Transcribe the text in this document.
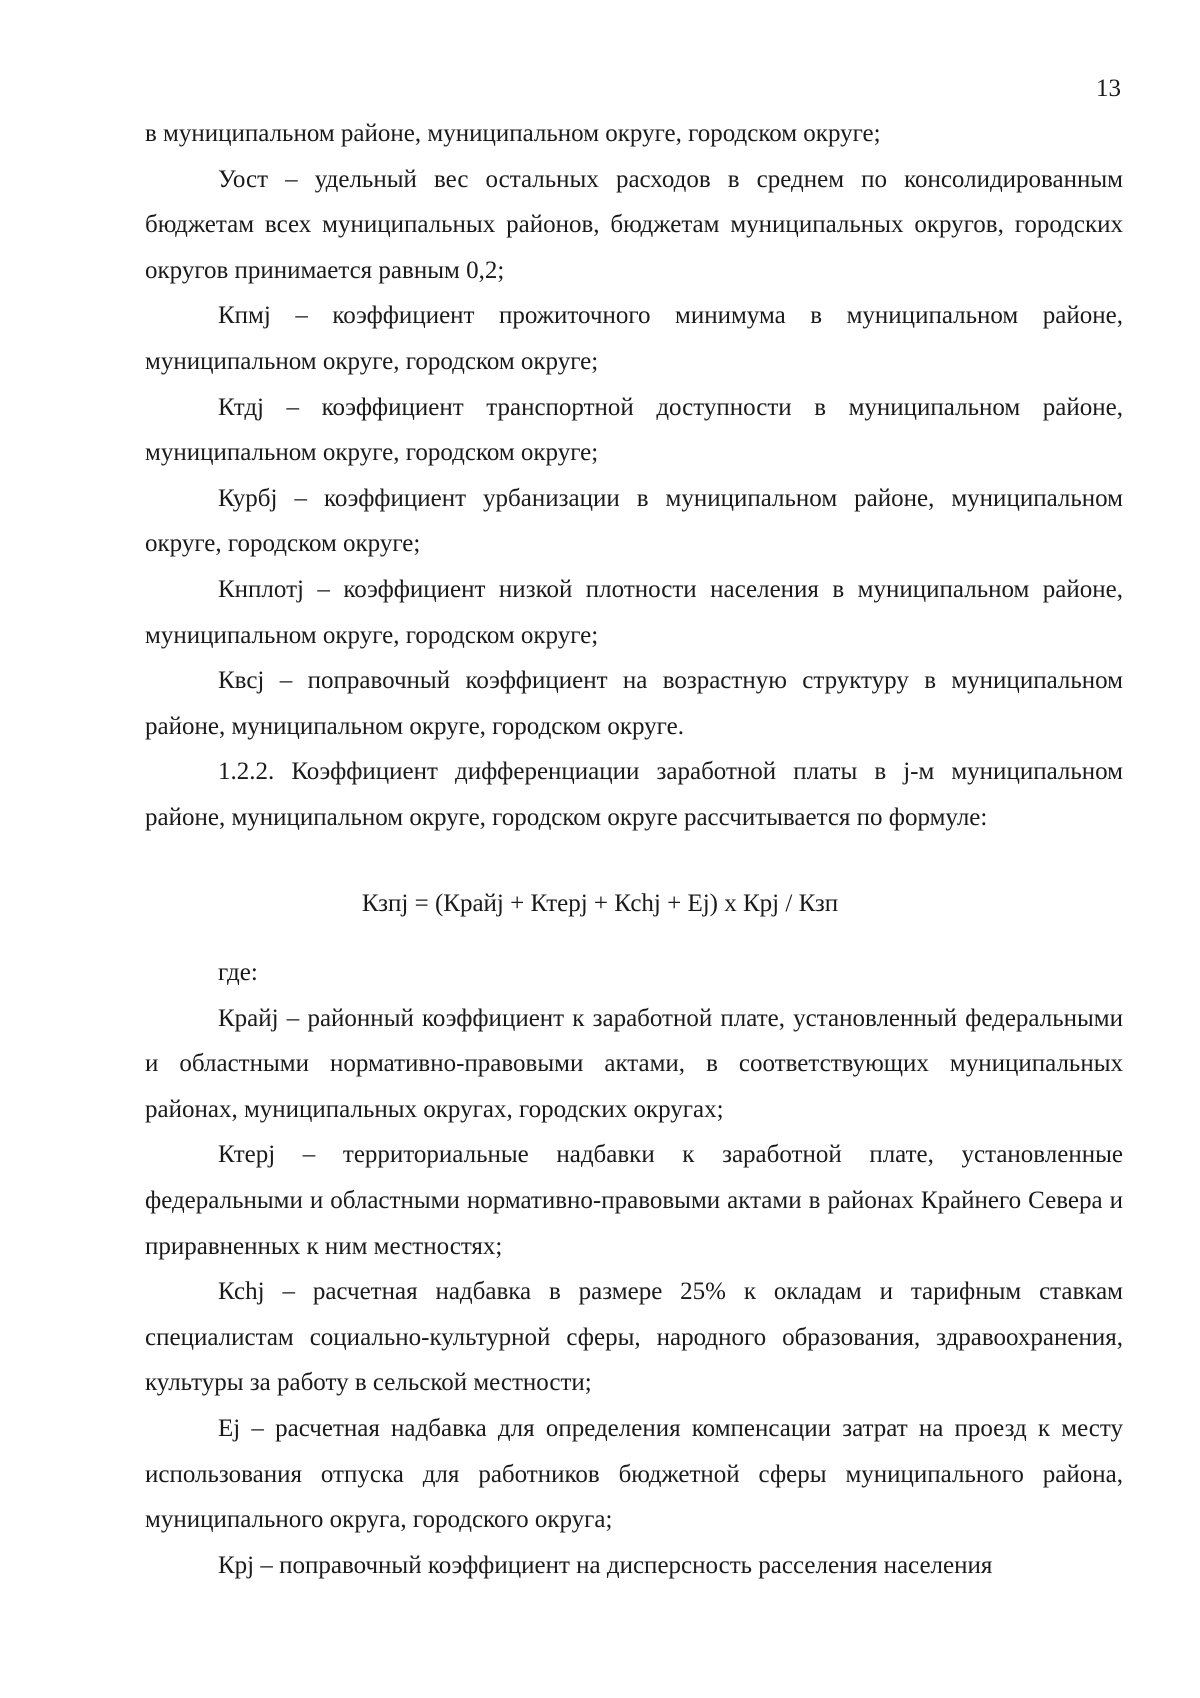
13

в муниципальном районе, муниципальном округе, городском округе;

Уост – удельный вес остальных расходов в среднем по консолидированным бюджетам всех муниципальных районов, бюджетам муниципальных округов, городских округов принимается равным 0,2;

Кпмj – коэффициент прожиточного минимума в муниципальном районе, муниципальном округе, городском округе;

Ктдj – коэффициент транспортной доступности в муниципальном районе, муниципальном округе, городском округе;

Курбj – коэффициент урбанизации в муниципальном районе, муниципальном округе, городском округе;

Кнплотj – коэффициент низкой плотности населения в муниципальном районе, муниципальном округе, городском округе;

Квсj – поправочный коэффициент на возрастную структуру в муниципальном районе, муниципальном округе, городском округе.

1.2.2. Коэффициент дифференциации заработной платы в j-м муниципальном районе, муниципальном округе, городском округе рассчитывается по формуле:

Кзпj = (Крайj + Ктерj + Ксhj + Ej) x Кpj / Кзп

где:

Крайj – районный коэффициент к заработной плате, установленный федеральными и областными нормативно-правовыми актами, в соответствующих муниципальных районах, муниципальных округах, городских округах;

Ктерj – территориальные надбавки к заработной плате, установленные федеральными и областными нормативно-правовыми актами в районах Крайнего Севера и приравненных к ним местностях;

Ксhj – расчетная надбавка в размере 25% к окладам и тарифным ставкам специалистам социально-культурной сферы, народного образования, здравоохранения, культуры за работу в сельской местности;

Ej – расчетная надбавка для определения компенсации затрат на проезд к месту использования отпуска для работников бюджетной сферы муниципального района, муниципального округа, городского округа;

Кpj – поправочный коэффициент на дисперсность расселения населения
